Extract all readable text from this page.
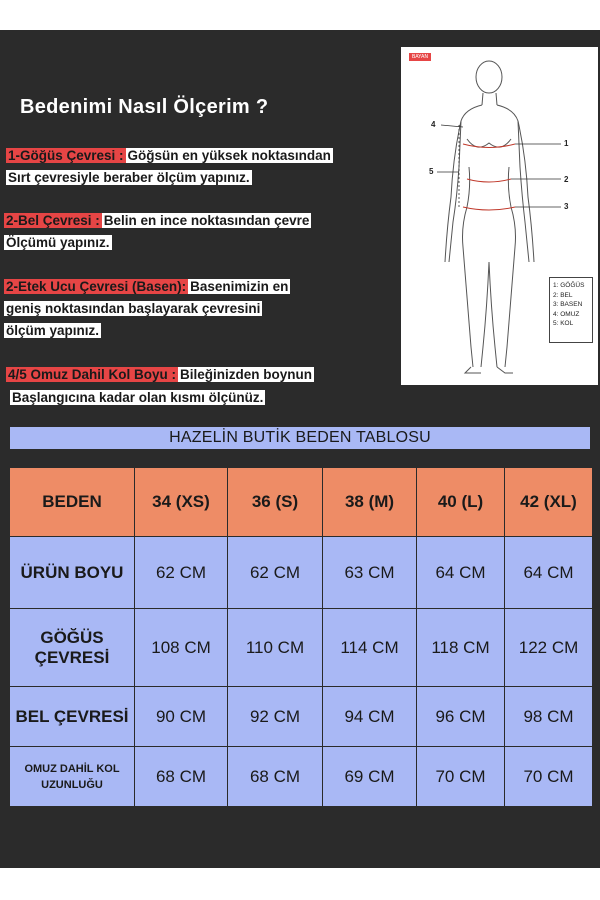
Bedenimi Nasıl Ölçerim ?
1-Göğüs Çevresi : Göğsün en yüksek noktasından
Sırt çevresiyle beraber ölçüm yapınız.
2-Bel Çevresi : Belin en ince noktasından çevre
Ölçümü yapınız.
2-Etek Ucu Çevresi (Basen): Basenimizin en
geniş noktasından başlayarak çevresini
ölçüm yapınız.
4/5 Omuz Dahil Kol Boyu : Bileğinizden boynun
Başlangıcına kadar olan kısmı ölçünüz.
BAYAN
1
2
3
4
5
1: GÖĞÜS
2: BEL
3: BASEN
4: OMUZ
5: KOL
HAZELİN BUTİK BEDEN TABLOSU
BEDEN	34 (XS)	36 (S)	38 (M)	40 (L)	42 (XL)
ÜRÜN BOYU	62 CM	62 CM	63 CM	64 CM	64 CM

GÖĞÜS
ÇEVRESİ	108 CM	110 CM	114 CM	118 CM	122 CM
BEL ÇEVRESİ	90 CM	92 CM	94 CM	96 CM	98 CM

OMUZ DAHİL KOL
UZUNLUĞU	68 CM	68 CM	69 CM	70 CM	70 CM
